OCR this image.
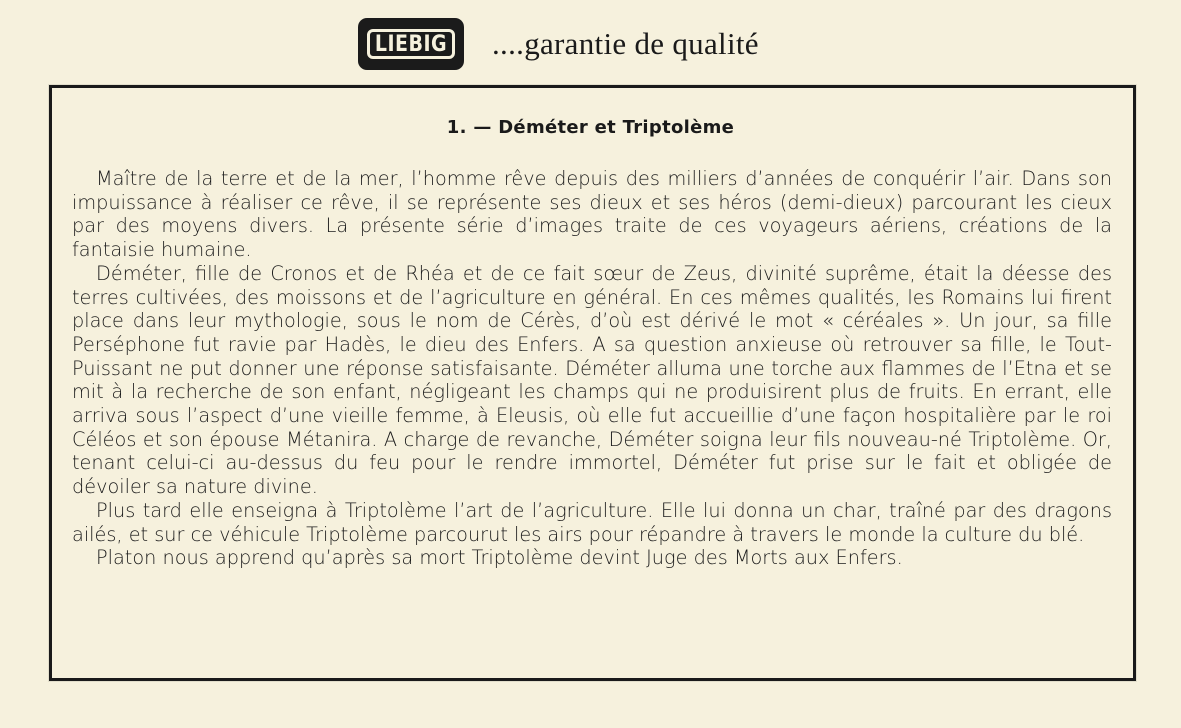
LIEBIG ....garantie de qualité
1. — Déméter et Triptolème

Maître de la terre et de la mer, l’homme rêve depuis des milliers d’années de conquérir l’air. Dans son impuissance à réaliser ce rêve, il se représente ses dieux et ses héros (demi-dieux) parcourant les cieux par des moyens divers. La présente série d’images traite de ces voyageurs aériens, créations de la fantaisie humaine.

Déméter, fille de Cronos et de Rhéa et de ce fait sœur de Zeus, divinité suprême, était la déesse des terres cultivées, des moissons et de l’agriculture en général. En ces mêmes qualités, les Romains lui firent place dans leur mythologie, sous le nom de Cérès, d’où est dérivé le mot « céréales ». Un jour, sa fille Perséphone fut ravie par Hadès, le dieu des Enfers. A sa question anxieuse où retrouver sa fille, le Tout-Puissant ne put donner une réponse satisfaisante. Déméter alluma une torche aux flammes de l’Etna et se mit à la recherche de son enfant, négligeant les champs qui ne produisirent plus de fruits. En errant, elle arriva sous l’aspect d’une vieille femme, à Eleusis, où elle fut accueillie d’une façon hospitalière par le roi Céléos et son épouse Métanira. A charge de revanche, Déméter soigna leur fils nouveau-né Triptolème. Or, tenant celui-ci au-dessus du feu pour le rendre immortel, Déméter fut prise sur le fait et obligée de dévoiler sa nature divine.

Plus tard elle enseigna à Triptolème l’art de l’agriculture. Elle lui donna un char, traîné par des dragons ailés, et sur ce véhicule Triptolème parcourut les airs pour répandre à travers le monde la culture du blé.

Platon nous apprend qu’après sa mort Triptolème devint Juge des Morts aux Enfers.
